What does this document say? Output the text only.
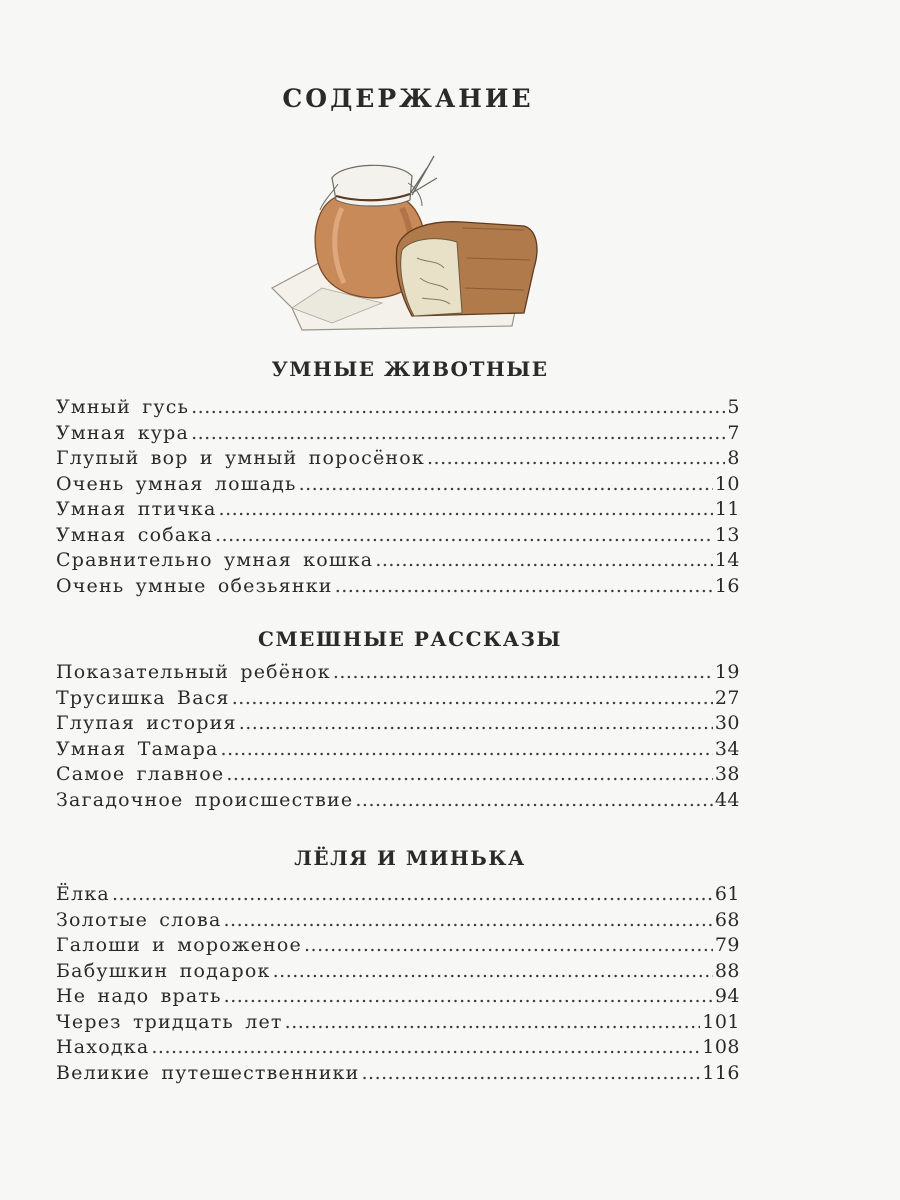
СОДЕРЖАНИЕ
УМНЫЕ ЖИВОТНЫЕ
Умный гусь .....	5
Умная кура .....	7
Глупый вор и умный поросёнок .....	8
Очень умная лошадь .....	10
Умная птичка .....	11
Умная собака .....	13
Сравнительно умная кошка .....	14
Очень умные обезьянки .....	16
СМЕШНЫЕ РАССКАЗЫ
Показательный ребёнок .....	19
Трусишка Вася .....	27
Глупая история .....	30
Умная Тамара .....	34
Самое главное .....	38
Загадочное происшествие .....	44
ЛЁЛЯ И МИНЬКА
Ёлка .....	61
Золотые слова .....	68
Галоши и мороженое .....	79
Бабушкин подарок .....	88
Не надо врать .....	94
Через тридцать лет .....	101
Находка .....	108
Великие путешественники .....	116
